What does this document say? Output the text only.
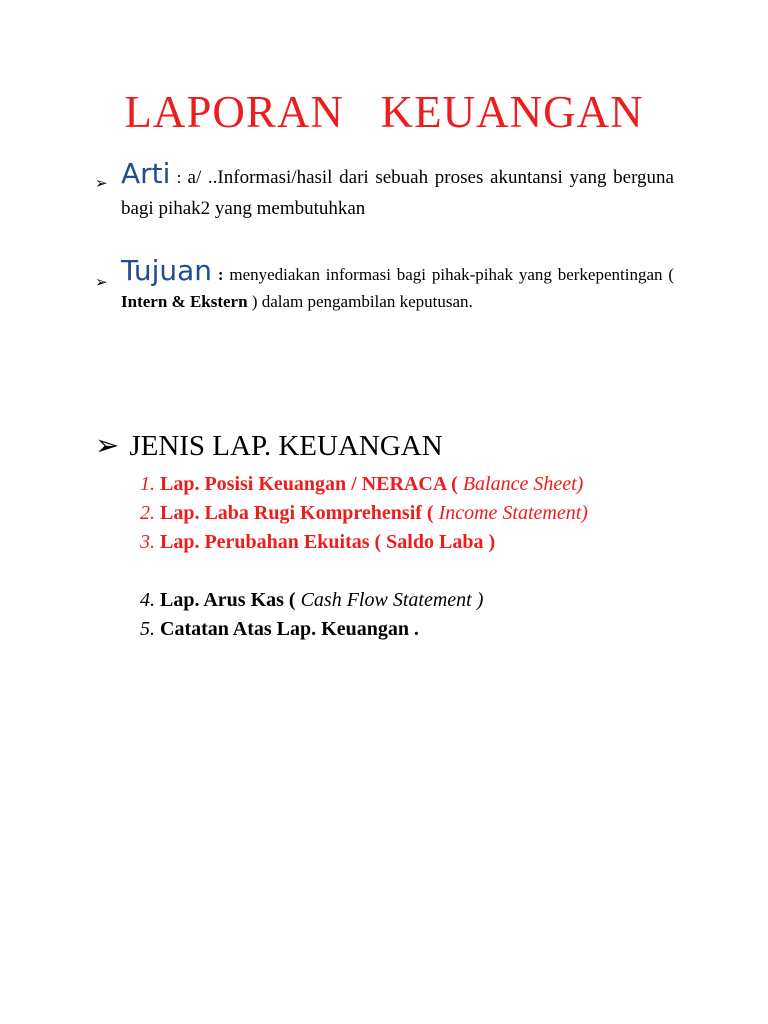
LAPORAN   KEUANGAN
➢ Arti : a/ ..Informasi/hasil dari sebuah proses akuntansi yang berguna bagi pihak2 yang membutuhkan
➢ Tujuan : menyediakan informasi bagi pihak-pihak yang berkepentingan ( Intern & Ekstern ) dalam pengambilan keputusan.
➢ JENIS LAP. KEUANGAN
1. Lap. Posisi Keuangan / NERACA ( Balance Sheet)
2. Lap. Laba Rugi Komprehensif ( Income Statement)
3. Lap. Perubahan Ekuitas ( Saldo Laba )
4. Lap. Arus Kas ( Cash Flow Statement )
5. Catatan Atas Lap. Keuangan .
